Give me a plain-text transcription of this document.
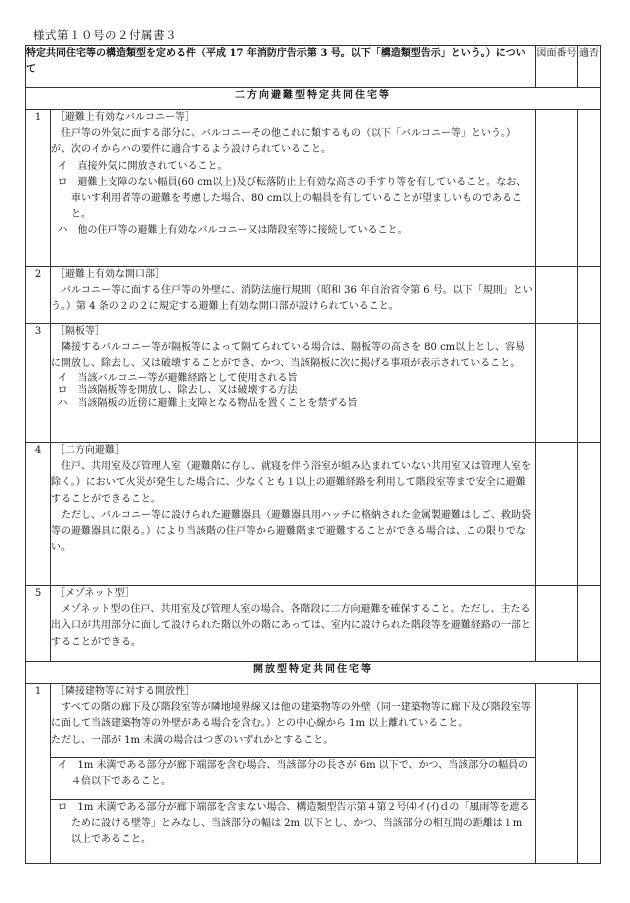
様式第１０号の２付属書３
特定共同住宅等の構造類型を定める件（平成 17 年消防庁告示第 3 号。以下「構造類型告示」という。）について		図面番号	適否
二方向避難型特定共同住宅等			
1	［避難上有効なバルコニー等］

住戸等の外気に面する部分に、バルコニーその他これに類するもの（以下「バルコニー等」という。）が、次のイからハの要件に適合するよう設けられていること。

イ　直接外気に開放されていること。

ロ　避難上支障のない幅員(60 cm以上)及び転落防止上有効な高さの手すり等を有していること。なお、車いす利用者等の避難を考慮した場合、80 cm以上の幅員を有していることが望ましいものであること。

ハ　他の住戸等の避難上有効なバルコニー又は階段室等に接続していること。		

2	［避難上有効な開口部］

バルコニー等に面する住戸等の外壁に、消防法施行規則（昭和 36 年自治省令第 6 号。以下「規則」という。）第 4 条の２の２に規定する避難上有効な開口部が設けられていること。		

3	［隔板等］

隣接するバルコニー等が隔板等によって隔てられている場合は、隔板等の高さを 80 cm以上とし、容易に開放し、除去し、又は破壊することができ、かつ、当該隔板に次に掲げる事項が表示されていること。

イ　当該バルコニー等が避難経路として使用される旨

ロ　当該隔板等を開放し、除去し、又は破壊する方法

ハ　当該隔板の近傍に避難上支障となる物品を置くことを禁ずる旨		

4	［二方向避難］

住戸、共用室及び管理人室（避難階に存し、就寝を伴う浴室が組み込まれていない共用室又は管理人室を除く。）において火災が発生した場合に、少なくとも１以上の避難経路を利用して階段室等まで安全に避難することができること。

ただし、バルコニー等に設けられた避難器具（避難器具用ハッチに格納された金属製避難はしご、救助袋等の避難器具に限る。）により当該階の住戸等から避難階まで避難することができる場合は、この限りでない。		

5	［メゾネット型］

メゾネット型の住戸、共用室及び管理人室の場合、各階段に二方向避難を確保すること。ただし、主たる出入口が共用部分に面して設けられた階以外の階にあっては、室内に設けられた階段等を避難経路の一部とすることができる。		

開放型特定共同住宅等			
1	［隣接建物等に対する開放性］

すべての階の廊下及び階段室等が隣地境界線又は他の建築物等の外壁（同一建築物等に廊下及び階段室等に面して当該建築物等の外壁がある場合を含む。）との中心線から 1m 以上離れていること。

ただし、一部が 1m 未満の場合はつぎのいずれかとすること。		

	イ　1m 未満である部分が廊下端部を含む場合、当該部分の長さが 6m 以下で、かつ、当該部分の幅員の４倍以下であること。		

	ロ　1m 未満である部分が廊下端部を含まない場合、構造類型告示第４第２号⑷イ(ｲ)ｄの「風雨等を遮るために設ける壁等」とみなし、当該部分の幅は 2m 以下とし、かつ、当該部分の相互間の距離は１m 以上であること。		
